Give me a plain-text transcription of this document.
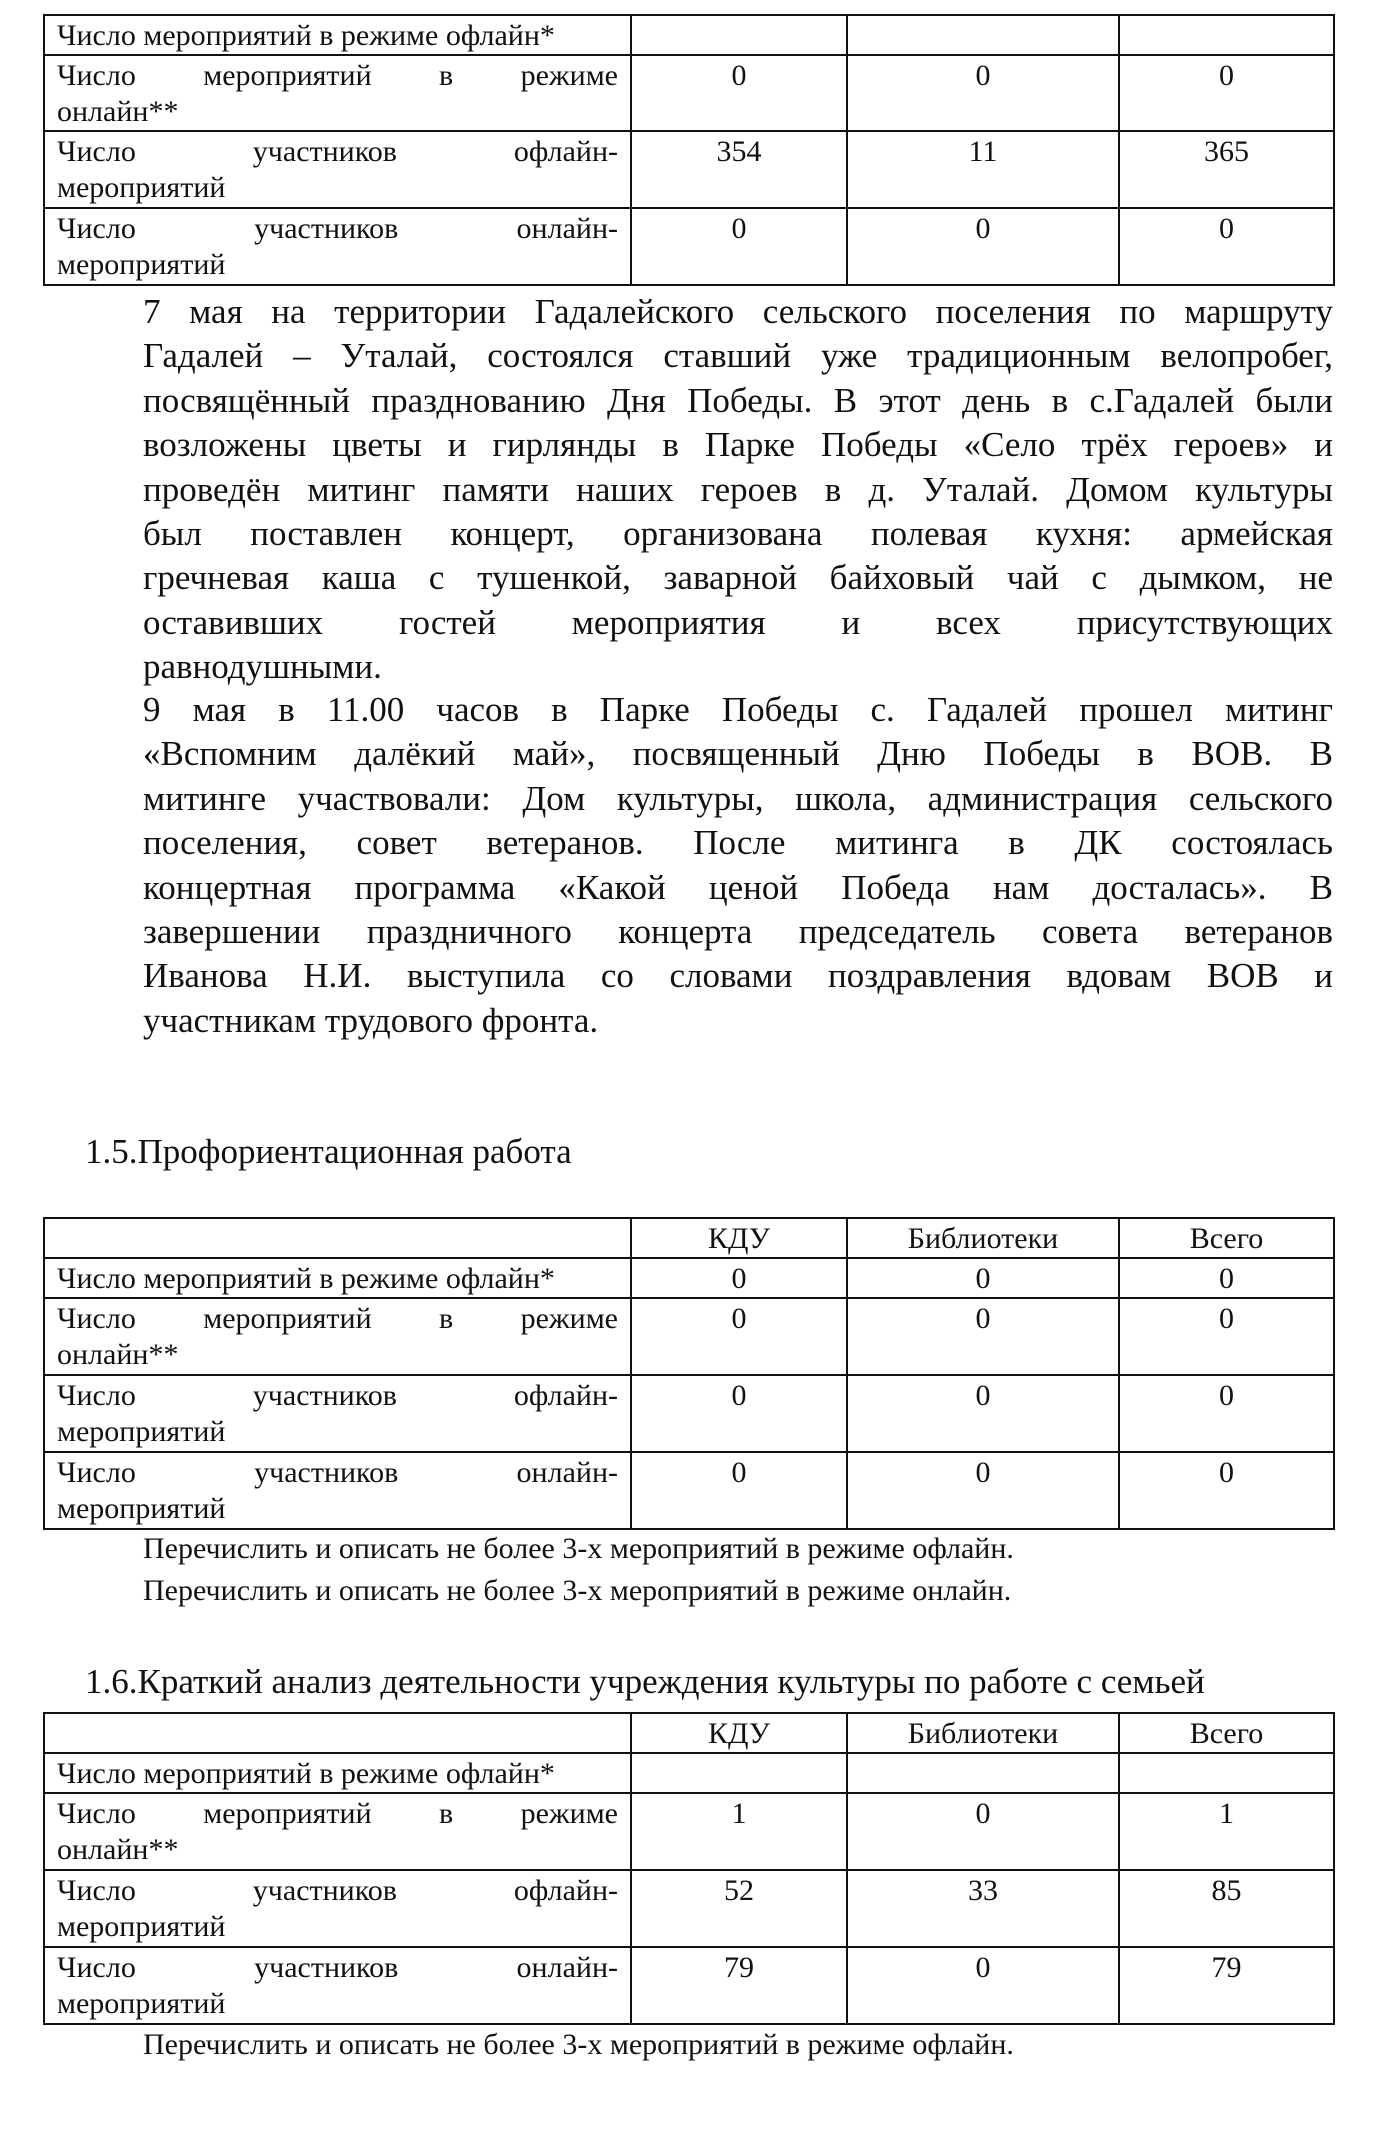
Число мероприятий в режиме офлайн*			

Число мероприятий в режиме
онлайн**	0	0	0

Число участников офлайн-
мероприятий	354	11	365

Число участников онлайн-
мероприятий	0	0	0
7 мая на территории Гадалейского сельского поселения по маршруту
Гадалей – Уталай, состоялся ставший уже традиционным велопробег,
посвящённый празднованию Дня Победы. В этот день в с.Гадалей были
возложены цветы и гирлянды в Парке Победы «Село трёх героев» и
проведён митинг памяти наших героев в д. Уталай. Домом культуры
был поставлен концерт, организована полевая кухня: армейская
гречневая каша с тушенкой, заварной байховый чай с дымком, не
оставивших гостей мероприятия и всех присутствующих
равнодушными.
9 мая в 11.00 часов в Парке Победы с. Гадалей прошел митинг
«Вспомним далёкий май», посвященный Дню Победы в ВОВ. В
митинге участвовали: Дом культуры, школа, администрация сельского
поселения, совет ветеранов. После митинга в ДК состоялась
концертная программа «Какой ценой Победа нам досталась». В
завершении праздничного концерта председатель совета ветеранов
Иванова Н.И. выступила со словами поздравления вдовам ВОВ и
участникам трудового фронта.
1.5.Профориентационная работа
	КДУ	Библиотеки	Всего

Число мероприятий в режиме офлайн*	0	0	0

Число мероприятий в режиме
онлайн**	0	0	0

Число участников офлайн-
мероприятий	0	0	0

Число участников онлайн-
мероприятий	0	0	0
Перечислить и описать не более 3-х мероприятий в режиме офлайн.
Перечислить и описать не более 3-х мероприятий в режиме онлайн.
1.6.Краткий анализ деятельности учреждения культуры по работе с семьей
	КДУ	Библиотеки	Всего

Число мероприятий в режиме офлайн*			

Число мероприятий в режиме
онлайн**	1	0	1

Число участников офлайн-
мероприятий	52	33	85

Число участников онлайн-
мероприятий	79	0	79
Перечислить и описать не более 3-х мероприятий в режиме офлайн.
